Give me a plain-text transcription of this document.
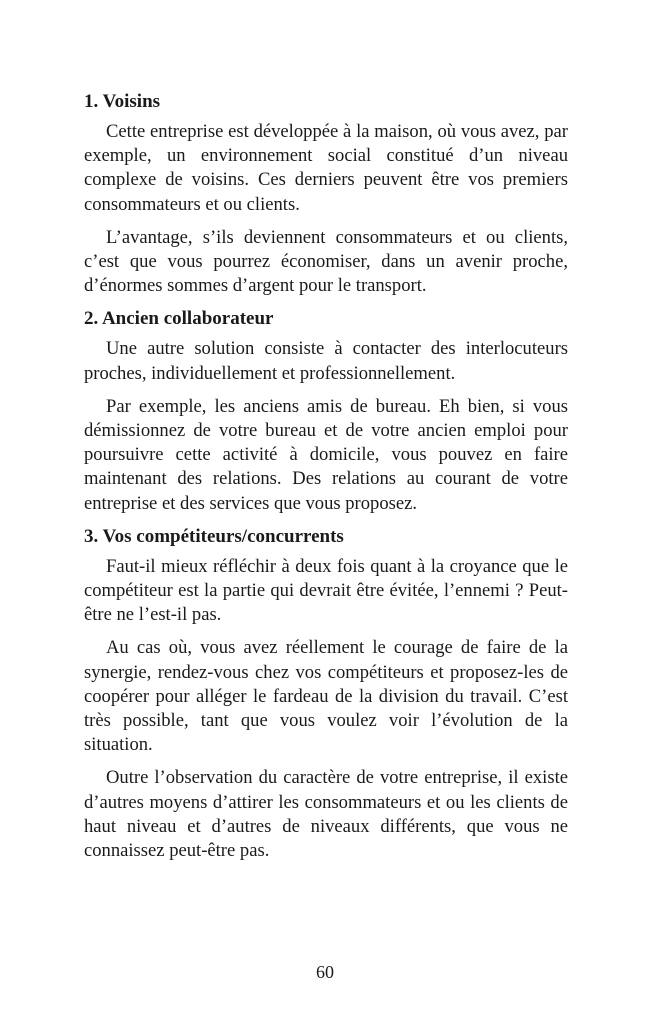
1. Voisins

Cette entreprise est développée à la maison, où vous avez, par exemple, un environnement social constitué d’un niveau complexe de voisins. Ces derniers peuvent être vos premiers consommateurs et ou clients.

L’avantage, s’ils deviennent consommateurs et ou clients, c’est que vous pourrez économiser, dans un avenir proche, d’énormes sommes d’argent pour le transport.

2. Ancien collaborateur

Une autre solution consiste à contacter des interlocuteurs proches, individuellement et professionnellement.

Par exemple, les anciens amis de bureau. Eh bien, si vous démissionnez de votre bureau et de votre ancien emploi pour poursuivre cette activité à domicile, vous pouvez en faire maintenant des relations. Des relations au courant de votre entreprise et des services que vous proposez.

3. Vos compétiteurs/concurrents

Faut-il mieux réfléchir à deux fois quant à la croyance que le compétiteur est la partie qui devrait être évitée, l’ennemi ? Peut-être ne l’est-il pas.

Au cas où, vous avez réellement le courage de faire de la synergie, rendez-vous chez vos compétiteurs et proposez-les de coopérer pour alléger le fardeau de la division du travail. C’est très possible, tant que vous voulez voir l’évolution de la situation.

Outre l’observation du caractère de votre entreprise, il existe d’autres moyens d’attirer les consommateurs et ou les clients de haut niveau et d’autres de niveaux différents, que vous ne connaissez peut-être pas.

60
